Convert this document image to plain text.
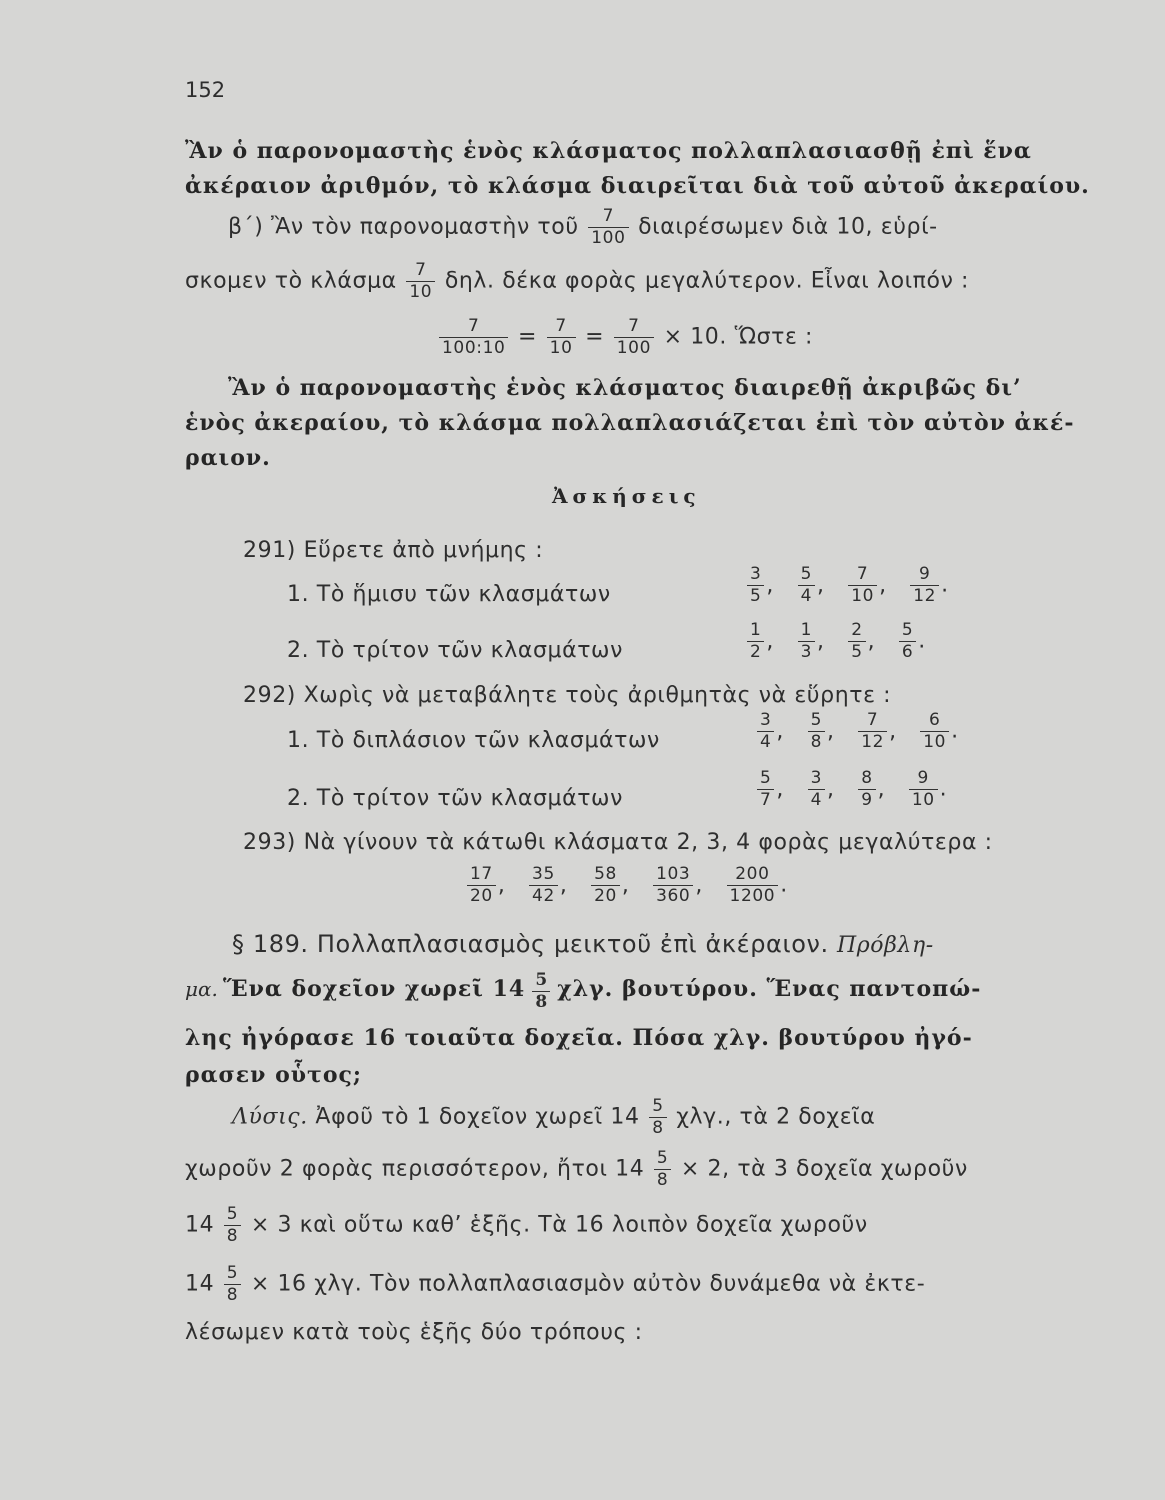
152
Ἂν ὁ παρονομαστὴς ἑνὸς κλάσματος πολλαπλασιασθῇ ἐπὶ ἕνα
ἀκέραιον ἀριθμόν, τὸ κλάσμα διαιρεῖται διὰ τοῦ αὐτοῦ ἀκεραίου.
β΄) Ἂν τὸν παρονομαστὴν τοῦ $\frac{7}{100}$ διαιρέσωμεν διὰ 10, εὑρί-
σκομεν τὸ κλάσμα $\frac{7}{10} \delta\eta\lambda$. δέκα φορὰς μεγαλύτερον. Εἶναι λοιπόν :
$\frac{7}{100:10} = \frac{7}{10} = \frac{7}{100} \times 10$. Ὥστε :
Ἂν ὁ παρονομαστὴς ἑνὸς κλάσματος διαιρεθῇ ἀκριβῶς δι’
ἑνὸς ἀκεραίου, τὸ κλάσμα πολλαπλασιάζεται ἐπὶ τὸν αὐτὸν ἀκέ-
ραιον.
Ἀσκήσεις
291) Εὕρετε ἀπὸ μνήμης :
1. Τὸ ἥμισυ τῶν κλασμάτων	$\frac{3}{5}$ , $\frac{5}{4}$ , $\frac{7}{10}$ , $\frac{9}{12}$ .
2. Τὸ τρίτον τῶν κλασμάτων	$\frac{1}{2}$ , $\frac{1}{3}$ , $\frac{2}{5}$ , $\frac{5}{6}$ .
292) Χωρὶς νὰ μεταβάλητε τοὺς ἀριθμητὰς νὰ εὕρητε :
1. Τὸ διπλάσιον τῶν κλασμάτων	$\frac{3}{4}$ , $\frac{5}{8}$ , $\frac{7}{12}$ , $\frac{6}{10}$ .
2. Τὸ τρίτον τῶν κλασμάτων	$\frac{5}{7}$ , $\frac{3}{4}$ , $\frac{8}{9}$ , $\frac{9}{10}$ .
293) Νὰ γίνουν τὰ κάτωθι κλάσματα 2, 3, 4 φορὰς μεγαλύτερα :
$\frac{17}{20}$ , $\frac{35}{42}$ , $\frac{58}{20}$ , $\frac{103}{360}$ , $\frac{200}{1200}$ .
§ 189. Πολλαπλασιασμὸς μεικτοῦ ἐπὶ ἀκέραιον. Πρόβλη-
μα. Ἕνα δοχεῖον χωρεῖ $14 \frac{5}{8} \chi\lambda\gamma$. βουτύρου. Ἕνας παντοπώ-
λης ἠγόρασε 16 τοιαῦτα δοχεῖα. Πόσα χλγ. βουτύρου ἠγό-
ρασεν οὗτος;
Λύσις. Ἀφοῦ τὸ 1 δοχεῖον χωρεῖ $14 \frac{5}{8} \chi\lambda\gamma$., τὰ 2 δοχεῖα
χωροῦν 2 φορὰς περισσότερον, ἤτοι $14 \frac{5}{8} \times 2$, τὰ 3 δοχεῖα χωροῦν
$14 \frac{5}{8} \times 3$ καὶ οὕτω καθ’ ἑξῆς. Τὰ 16 λοιπὸν δοχεῖα χωροῦν
$14 \frac{5}{8} \times 16$ χλγ. Τὸν πολλαπλασιασμὸν αὐτὸν δυνάμεθα νὰ ἐκτε-
λέσωμεν κατὰ τοὺς ἑξῆς δύο τρόπους :
